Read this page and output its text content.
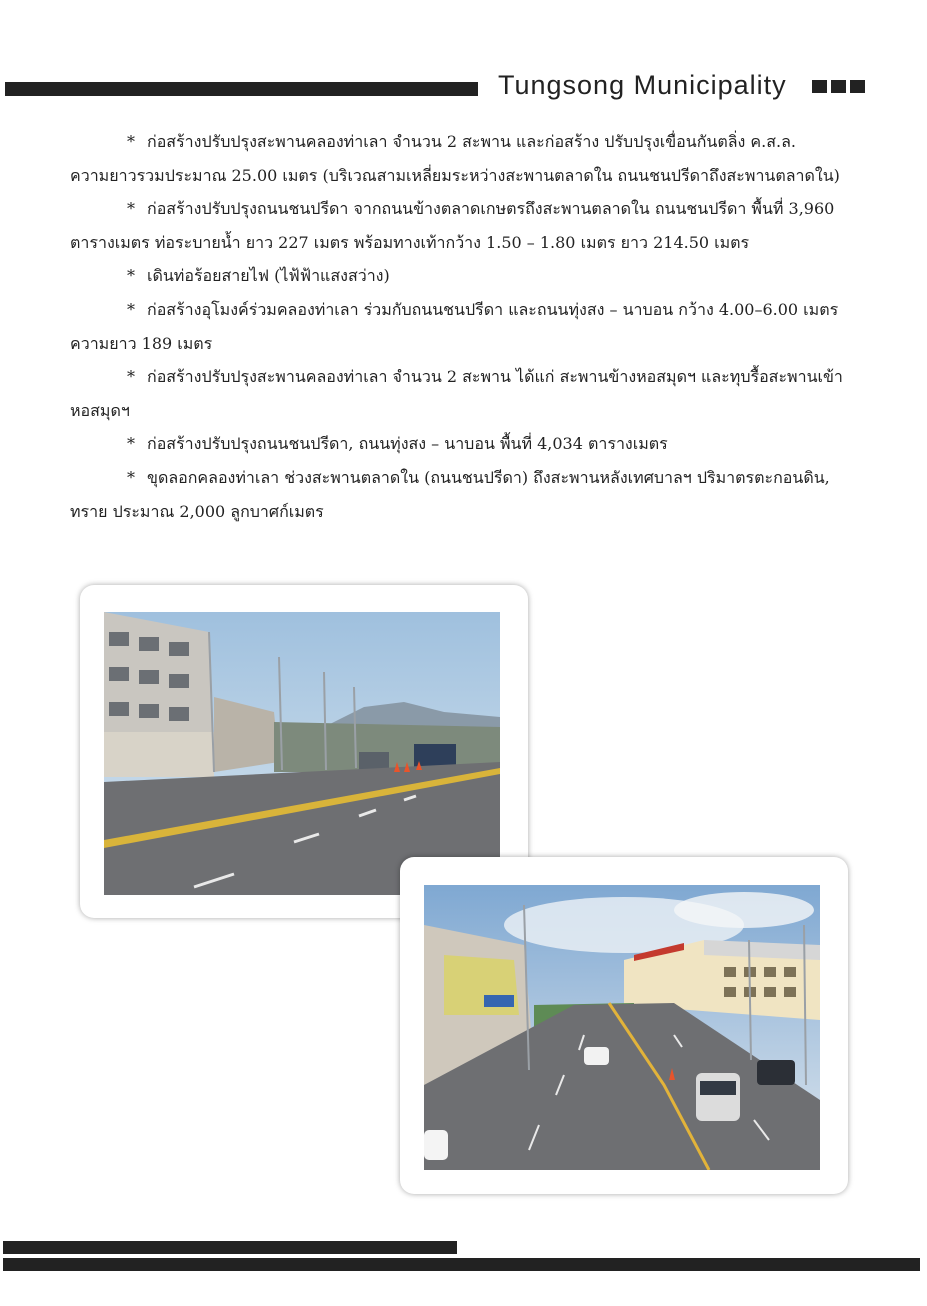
Tungsong Municipality

* ก่อสร้างปรับปรุงสะพานคลองท่าเลา จำนวน 2 สะพาน และก่อสร้าง ปรับปรุงเขื่อนกันตลิ่ง ค.ส.ล.
ความยาวรวมประมาณ 25.00 เมตร (บริเวณสามเหลี่ยมระหว่างสะพานตลาดใน ถนนชนปรีดาถึงสะพานตลาดใน)

* ก่อสร้างปรับปรุงถนนชนปรีดา จากถนนข้างตลาดเกษตรถึงสะพานตลาดใน ถนนชนปรีดา พื้นที่ 3,960
ตารางเมตร ท่อระบายน้ำ ยาว 227 เมตร พร้อมทางเท้ากว้าง 1.50 – 1.80 เมตร ยาว 214.50 เมตร

* เดินท่อร้อยสายไฟ (ไฟ้ฟ้าแสงสว่าง)

* ก่อสร้างอุโมงค์ร่วมคลองท่าเลา ร่วมกับถนนชนปรีดา และถนนทุ่งสง – นาบอน กว้าง 4.00–6.00 เมตร
ความยาว 189 เมตร

* ก่อสร้างปรับปรุงสะพานคลองท่าเลา จำนวน 2 สะพาน ได้แก่ สะพานข้างหอสมุดฯ และทุบรื้อสะพานเข้า
หอสมุดฯ

* ก่อสร้างปรับปรุงถนนชนปรีดา, ถนนทุ่งสง – นาบอน พื้นที่ 4,034 ตารางเมตร

* ขุดลอกคลองท่าเลา ช่วงสะพานตลาดใน (ถนนชนปรีดา) ถึงสะพานหลังเทศบาลฯ ปริมาตรตะกอนดิน,
ทราย ประมาณ 2,000 ลูกบาศก์เมตร
